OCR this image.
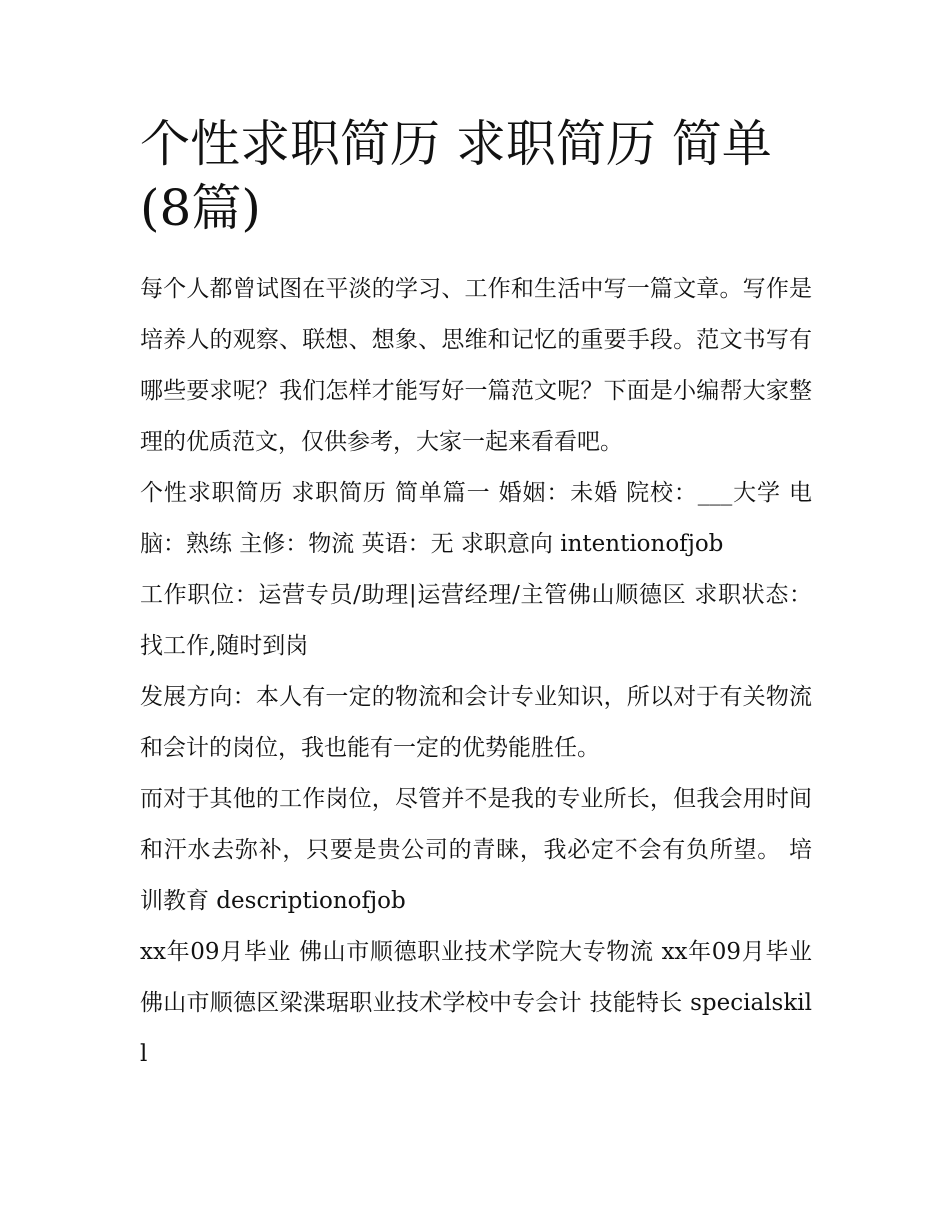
个性求职简历 求职简历 简单(8篇)

每个人都曾试图在平淡的学习、工作和生活中写一篇文章。写作是培养人的观察、联想、想象、思维和记忆的重要手段。范文书写有哪些要求呢？我们怎样才能写好一篇范文呢？下面是小编帮大家整理的优质范文，仅供参考，大家一起来看看吧。

个性求职简历 求职简历 简单篇一 婚姻：未婚 院校：___大学 电脑：熟练 主修：物流 英语：无 求职意向 intentionofjob

工作职位：运营专员/助理|运营经理/主管佛山顺德区 求职状态：找工作,随时到岗

发展方向：本人有一定的物流和会计专业知识，所以对于有关物流和会计的岗位，我也能有一定的优势能胜任。

而对于其他的工作岗位，尽管并不是我的专业所长，但我会用时间和汗水去弥补，只要是贵公司的青睐，我必定不会有负所望。 培训教育 descriptionofjob

xx年09月毕业 佛山市顺德职业技术学院大专物流 xx年09月毕业 佛山市顺德区梁渫琚职业技术学校中专会计 技能特长 specialskill
